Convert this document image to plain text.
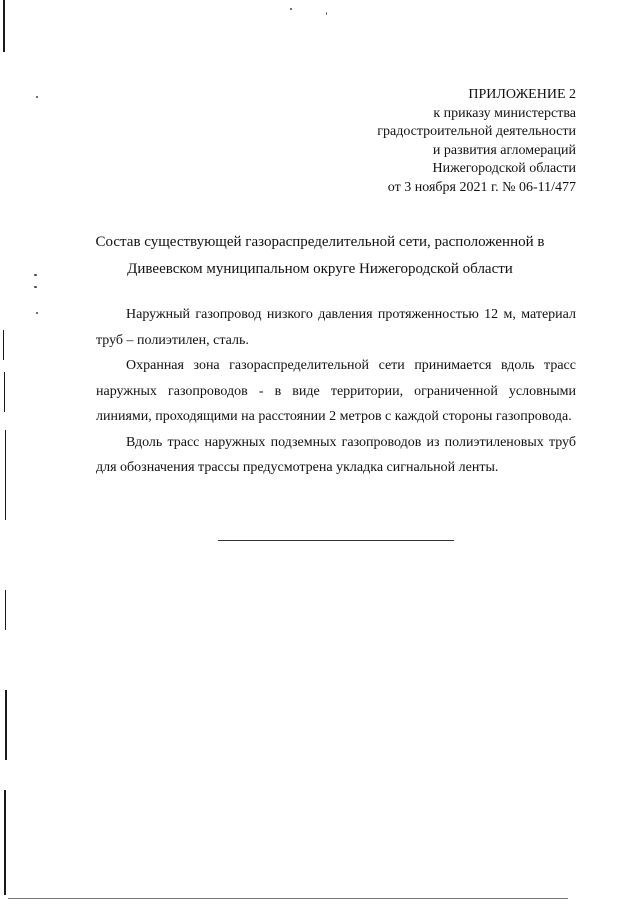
ПРИЛОЖЕНИЕ 2
к приказу министерства
градостроительной деятельности
и развития агломераций
Нижегородской области
от 3 ноября 2021 г. № 06-11/477
Состав существующей газораспределительной сети, расположенной в
Дивеевском муниципальном округе Нижегородской области

Наружный газопровод низкого давления протяженностью 12 м, материал труб – полиэтилен, сталь.

Охранная зона газораспределительной сети принимается вдоль трасс наружных газопроводов - в виде территории, ограниченной условными линиями, проходящими на расстоянии 2 метров с каждой стороны газопровода.

Вдоль трасс наружных подземных газопроводов из полиэтиленовых труб для обозначения трассы предусмотрена укладка сигнальной ленты.
